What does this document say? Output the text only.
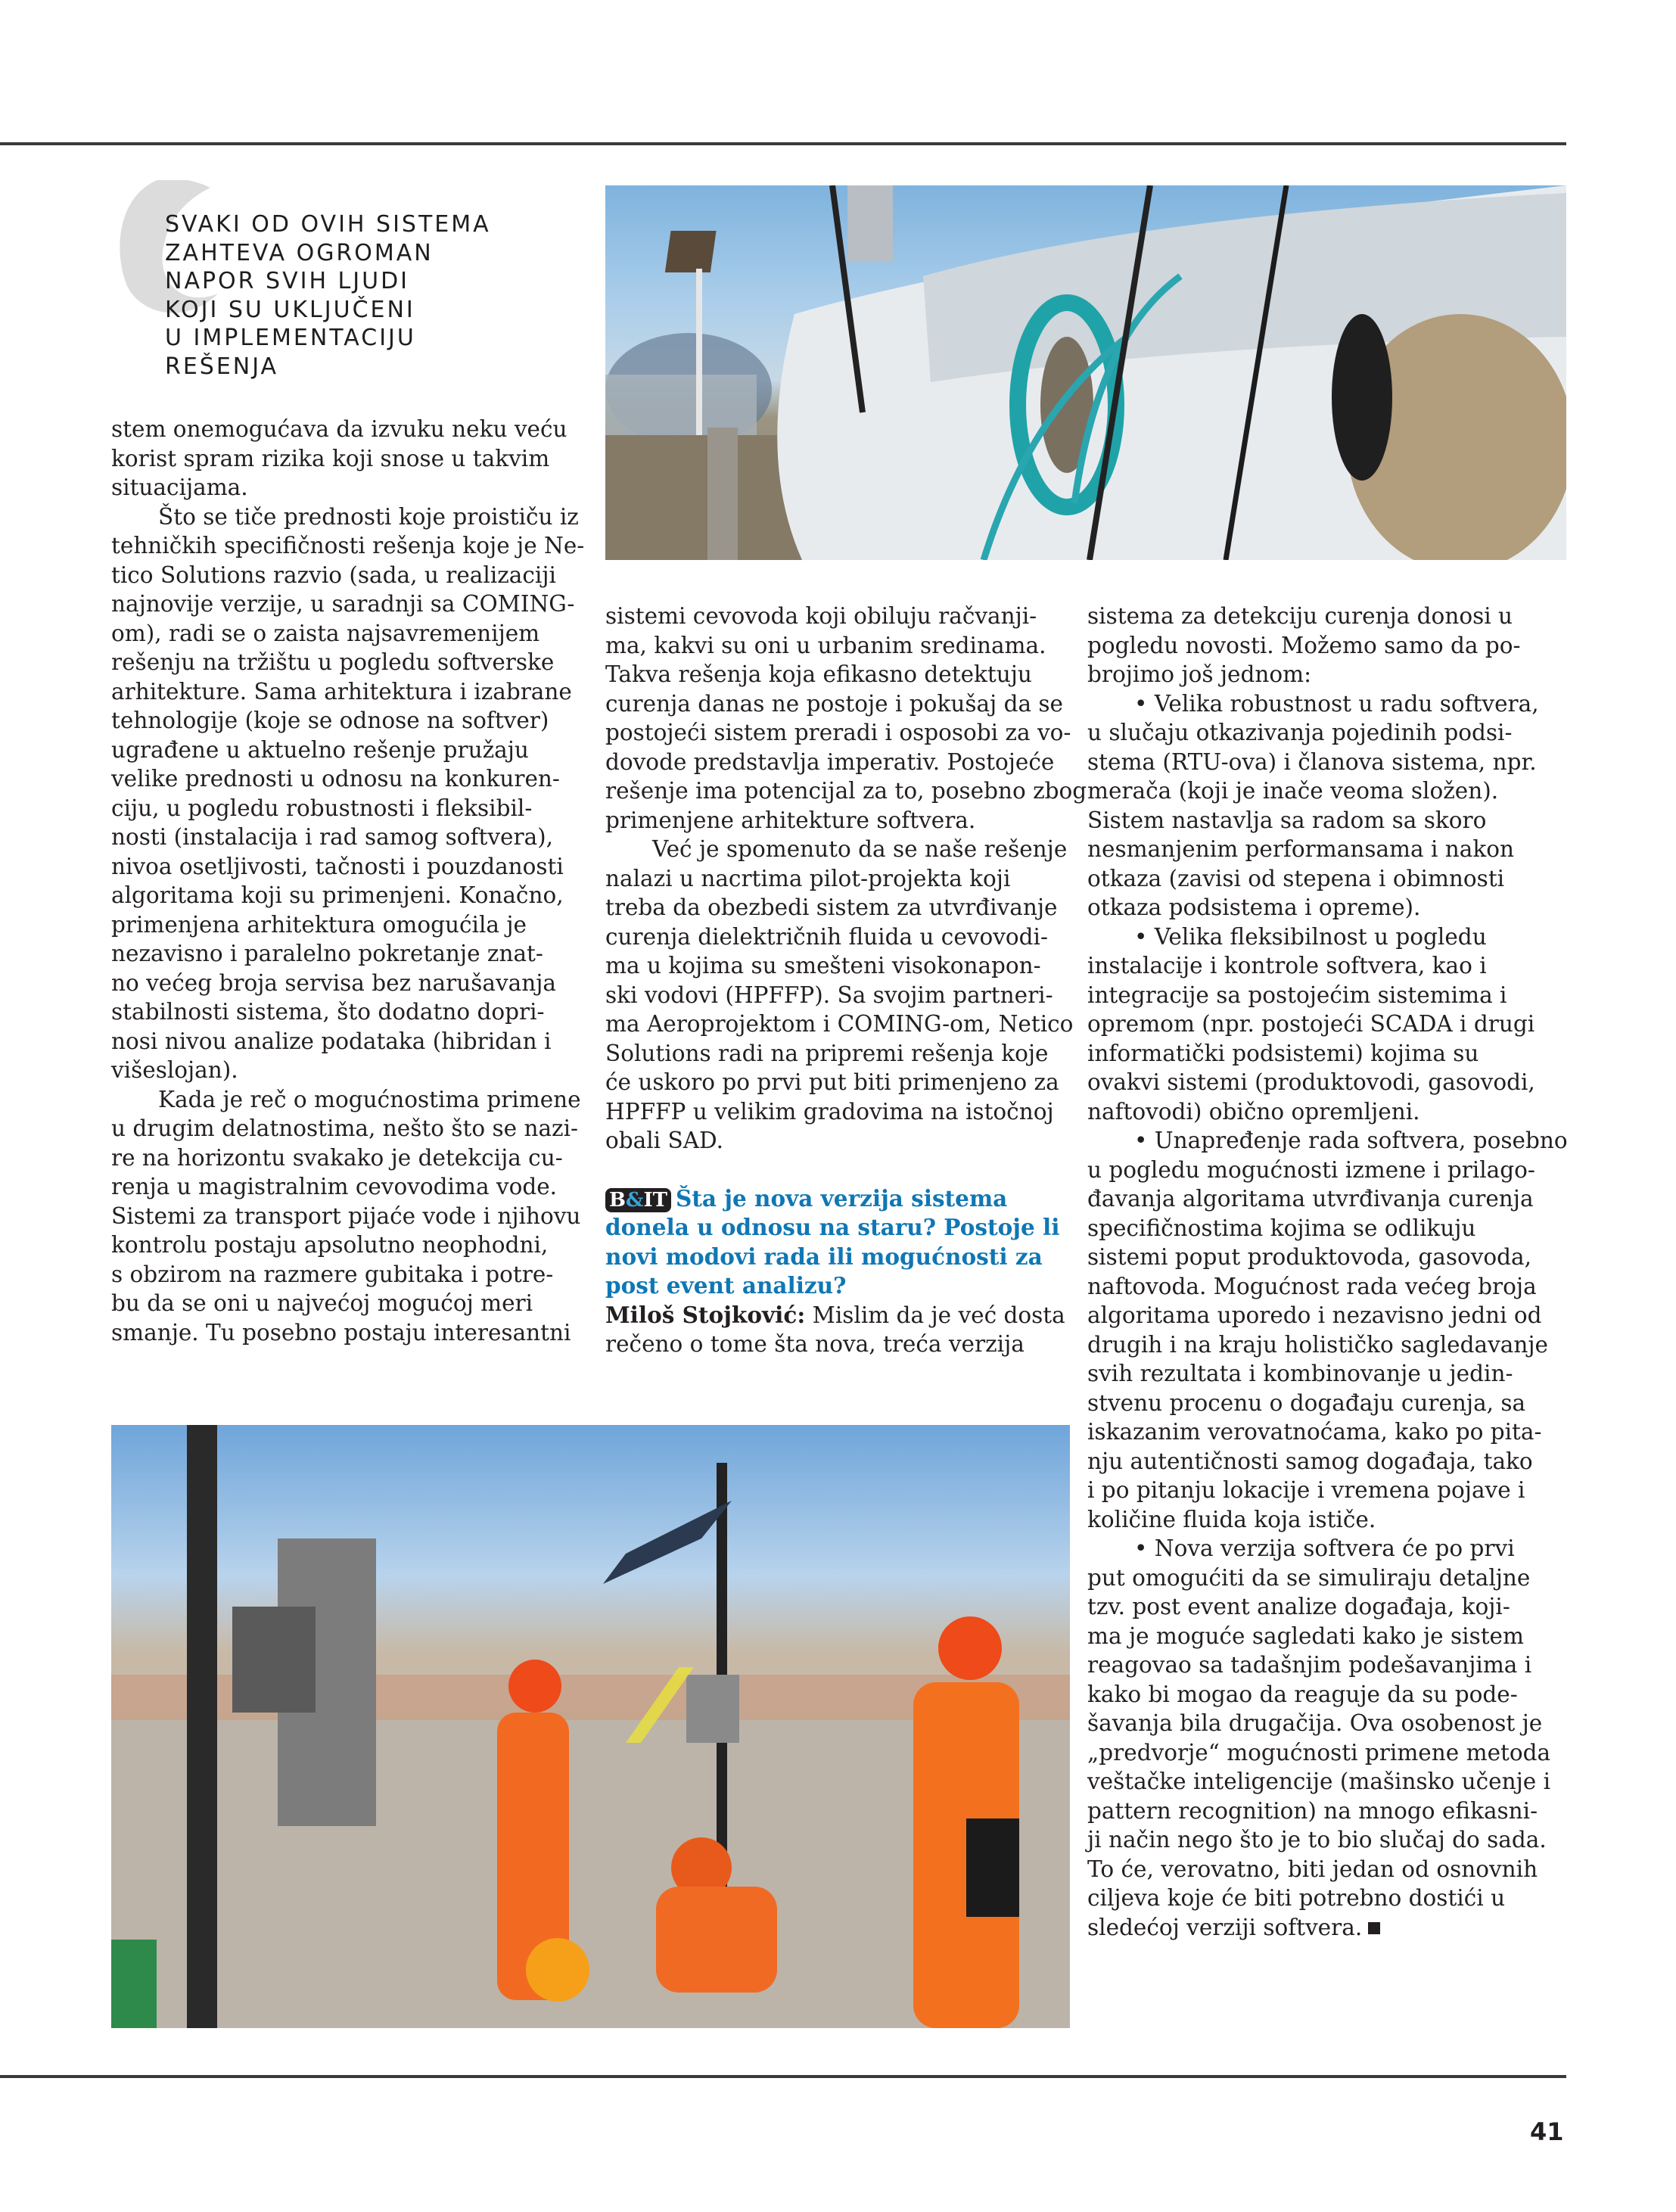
SVAKI OD OVIH SISTEMA
ZAHTEVA OGROMAN
NAPOR SVIH LJUDI
KOJI SU UKLJUČENI
U IMPLEMENTACIJU
REŠENJA
stem onemogućava da izvuku neku veću
korist spram rizika koji snose u takvim
situacijama.
Što se tiče prednosti koje proističu iz
tehničkih specifičnosti rešenja koje je Ne-
tico Solutions razvio (sada, u realizaciji
najnovije verzije, u saradnji sa COMING-
om), radi se o zaista najsavremenijem
rešenju na tržištu u pogledu softverske
arhitekture. Sama arhitektura i izabrane
tehnologije (koje se odnose na softver)
ugrađene u aktuelno rešenje pružaju
velike prednosti u odnosu na konkuren-
ciju, u pogledu robustnosti i fleksibil-
nosti (instalacija i rad samog softvera),
nivoa osetljivosti, tačnosti i pouzdanosti
algoritama koji su primenjeni. Konačno,
primenjena arhitektura omogućila je
nezavisno i paralelno pokretanje znat-
no većeg broja servisa bez narušavanja
stabilnosti sistema, što dodatno dopri-
nosi nivou analize podataka (hibridan i
višeslojan).
Kada je reč o mogućnostima primene
u drugim delatnostima, nešto što se nazi-
re na horizontu svakako je detekcija cu-
renja u magistralnim cevovodima vode.
Sistemi za transport pijaće vode i njihovu
kontrolu postaju apsolutno neophodni,
s obzirom na razmere gubitaka i potre-
bu da se oni u najvećoj mogućoj meri
smanje. Tu posebno postaju interesantni
sistemi cevovoda koji obiluju račvanji-
ma, kakvi su oni u urbanim sredinama.
Takva rešenja koja efikasno detektuju
curenja danas ne postoje i pokušaj da se
postojeći sistem preradi i osposobi za vo-
dovode predstavlja imperativ. Postojeće
rešenje ima potencijal za to, posebno zbog
primenjene arhitekture softvera.
Već je spomenuto da se naše rešenje
nalazi u nacrtima pilot-projekta koji
treba da obezbedi sistem za utvrđivanje
curenja dielektričnih fluida u cevovodi-
ma u kojima su smešteni visokonapon-
ski vodovi (HPFFP). Sa svojim partneri-
ma Aeroprojektom i COMING-om, Netico
Solutions radi na pripremi rešenja koje
će uskoro po prvi put biti primenjeno za
HPFFP u velikim gradovima na istočnoj
obali SAD.
B&IT Šta je nova verzija sistema
donela u odnosu na staru? Postoje li
novi modovi rada ili mogućnosti za
post event analizu?
Miloš Stojković: Mislim da je već dosta
rečeno o tome šta nova, treća verzija
sistema za detekciju curenja donosi u
pogledu novosti. Možemo samo da po-
brojimo još jednom:
• Velika robustnost u radu softvera,
u slučaju otkazivanja pojedinih podsi-
stema (RTU-ova) i članova sistema, npr.
merača (koji je inače veoma složen).
Sistem nastavlja sa radom sa skoro
nesmanjenim performansama i nakon
otkaza (zavisi od stepena i obimnosti
otkaza podsistema i opreme).
• Velika fleksibilnost u pogledu
instalacije i kontrole softvera, kao i
integracije sa postojećim sistemima i
opremom (npr. postojeći SCADA i drugi
informatički podsistemi) kojima su
ovakvi sistemi (produktovodi, gasovodi,
naftovodi) obično opremljeni.
• Unapređenje rada softvera, posebno
u pogledu mogućnosti izmene i prilago-
đavanja algoritama utvrđivanja curenja
specifičnostima kojima se odlikuju
sistemi poput produktovoda, gasovoda,
naftovoda. Mogućnost rada većeg broja
algoritama uporedo i nezavisno jedni od
drugih i na kraju holističko sagledavanje
svih rezultata i kombinovanje u jedin-
stvenu procenu o događaju curenja, sa
iskazanim verovatnoćama, kako po pita-
nju autentičnosti samog događaja, tako
i po pitanju lokacije i vremena pojave i
količine fluida koja ističe.
• Nova verzija softvera će po prvi
put omogućiti da se simuliraju detaljne
tzv. post event analize događaja, koji-
ma je moguće sagledati kako je sistem
reagovao sa tadašnjim podešavanjima i
kako bi mogao da reaguje da su pode-
šavanja bila drugačija. Ova osobenost je
„predvorje“ mogućnosti primene metoda
veštačke inteligencije (mašinsko učenje i
pattern recognition) na mnogo efikasni-
ji način nego što je to bio slučaj do sada.
To će, verovatno, biti jedan od osnovnih
ciljeva koje će biti potrebno dostići u
sledećoj verziji softvera.
41
